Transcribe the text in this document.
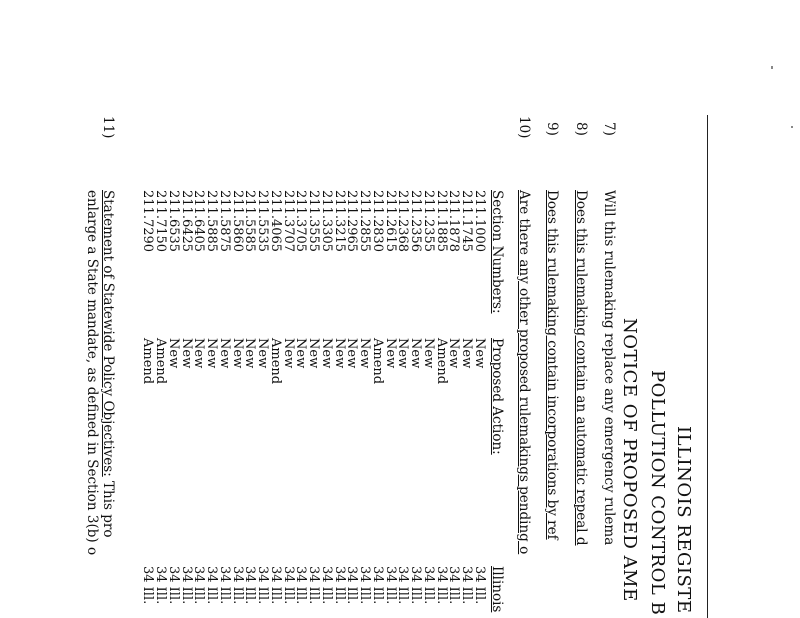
ILLINOIS REGISTE
POLLUTION CONTROL B
NOTICE OF PROPOSED AME
7)
Will this rulemaking replace any emergency rulema
8)
Does this rulemaking contain an automatic repeal d
9)
Does this rulemaking contain incorporations by ref
10)
Are there any other proposed rulemakings pending o
Section Numbers:
Proposed Action:
Illinois
211.1000
New
34 Ill.
211.1745
New
34 Ill.
211.1878
New
34 Ill.
211.1885
Amend
34 Ill.
211.2355
New
34 Ill.
211.2356
New
34 Ill.
211.2368
New
34 Ill.
211.2615
New
34 Ill.
211.2830
Amend
34 Ill.
211.2855
New
34 Ill.
211.2965
New
34 Ill.
211.3215
New
34 Ill.
211.3305
New
34 Ill.
211.3555
New
34 Ill.
211.3705
New
34 Ill.
211.3707
New
34 Ill.
211.4065
Amend
34 Ill.
211.5535
New
34 Ill.
211.5585
New
34 Ill.
211.5860
New
34 Ill.
211.5875
New
34 Ill.
211.5885
New
34 Ill.
211.6405
New
34 Ill.
211.6425
New
34 Ill.
211.6535
New
34 Ill.
211.7150
Amend
34 Ill.
211.7290
Amend
34 Ill.
11)
Statement of Statewide Policy Objectives: This pro
enlarge a State mandate, as defined in Section 3(b) o
